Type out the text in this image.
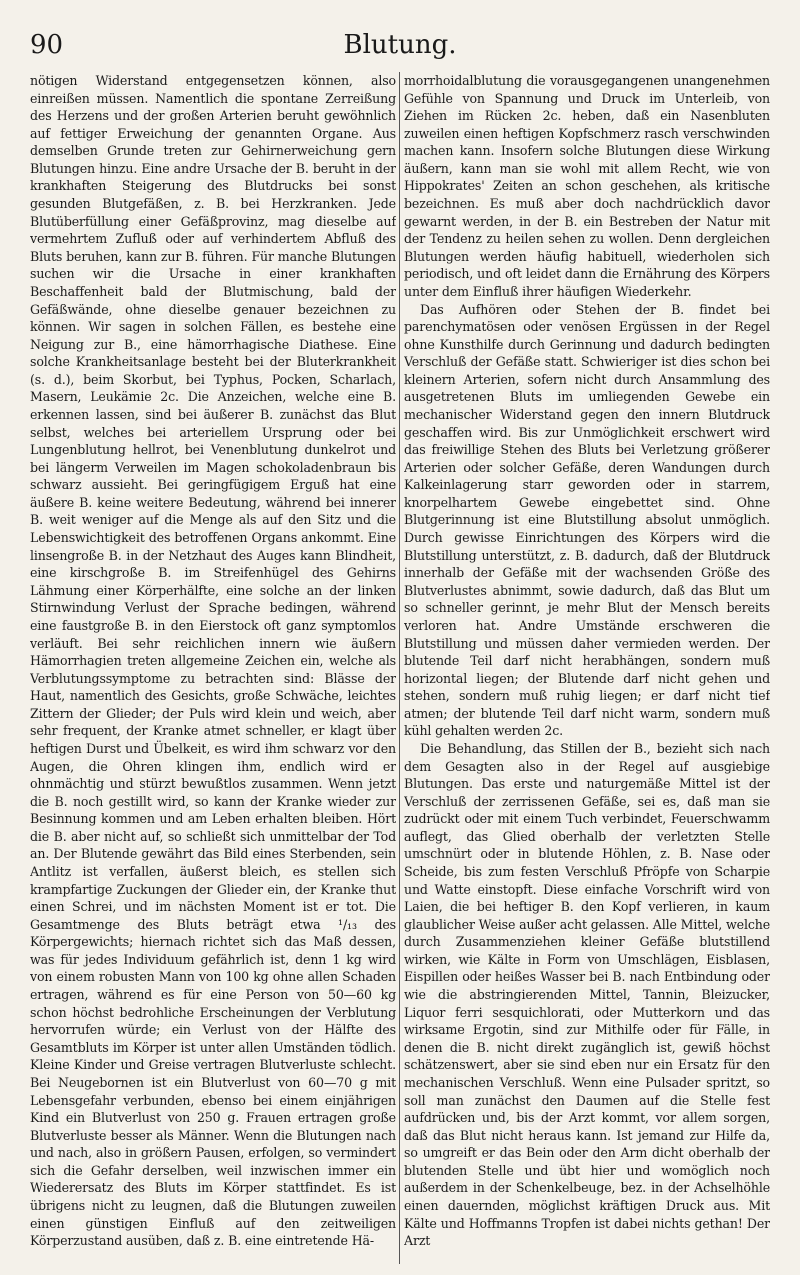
90	Blutung.

nötigen Widerstand entgegensetzen können, also einreißen müssen. Namentlich die spontane Zerreißung des Herzens und der großen Arterien beruht gewöhnlich auf fettiger Erweichung der genannten Organe. Aus demselben Grunde treten zur Gehirnerweichung gern Blutungen hinzu. Eine andre Ursache der B. beruht in der krankhaften Steigerung des Blutdrucks bei sonst gesunden Blutgefäßen, z. B. bei Herzkranken. Jede Blutüberfüllung einer Gefäßprovinz, mag dieselbe auf vermehrtem Zufluß oder auf verhindertem Abfluß des Bluts beruhen, kann zur B. führen. Für manche Blutungen suchen wir die Ursache in einer krankhaften Beschaffenheit bald der Blutmischung, bald der Gefäßwände, ohne dieselbe genauer bezeichnen zu können. Wir sagen in solchen Fällen, es bestehe eine Neigung zur B., eine hämorrhagische Diathese. Eine solche Krankheitsanlage besteht bei der Bluterkrankheit (s. d.), beim Skorbut, bei Typhus, Pocken, Scharlach, Masern, Leukämie 2c. Die Anzeichen, welche eine B. erkennen lassen, sind bei äußerer B. zunächst das Blut selbst, welches bei arteriellem Ursprung oder bei Lungenblutung hellrot, bei Venenblutung dunkelrot und bei längerm Verweilen im Magen schokoladenbraun bis schwarz aussieht. Bei geringfügigem Erguß hat eine äußere B. keine weitere Bedeutung, während bei innerer B. weit weniger auf die Menge als auf den Sitz und die Lebenswichtigkeit des betroffenen Organs ankommt. Eine linsengroße B. in der Netzhaut des Auges kann Blindheit, eine kirschgroße B. im Streifenhügel des Gehirns Lähmung einer Körperhälfte, eine solche an der linken Stirnwindung Verlust der Sprache bedingen, während eine faustgroße B. in den Eierstock oft ganz symptomlos verläuft. Bei sehr reichlichen innern wie äußern Hämorrhagien treten allgemeine Zeichen ein, welche als Verblutungssymptome zu betrachten sind: Blässe der Haut, namentlich des Gesichts, große Schwäche, leichtes Zittern der Glieder; der Puls wird klein und weich, aber sehr frequent, der Kranke atmet schneller, er klagt über heftigen Durst und Übelkeit, es wird ihm schwarz vor den Augen, die Ohren klingen ihm, endlich wird er ohnmächtig und stürzt bewußtlos zusammen. Wenn jetzt die B. noch gestillt wird, so kann der Kranke wieder zur Besinnung kommen und am Leben erhalten bleiben. Hört die B. aber nicht auf, so schließt sich unmittelbar der Tod an. Der Blutende gewährt das Bild eines Sterbenden, sein Antlitz ist verfallen, äußerst bleich, es stellen sich krampfartige Zuckungen der Glieder ein, der Kranke thut einen Schrei, und im nächsten Moment ist er tot. Die Gesamtmenge des Bluts beträgt etwa ¹/₁₃ des Körpergewichts; hiernach richtet sich das Maß dessen, was für jedes Individuum gefährlich ist, denn 1 kg wird von einem robusten Mann von 100 kg ohne allen Schaden ertragen, während es für eine Person von 50—60 kg schon höchst bedrohliche Erscheinungen der Verblutung hervorrufen würde; ein Verlust von der Hälfte des Gesamtbluts im Körper ist unter allen Umständen tödlich. Kleine Kinder und Greise vertragen Blutverluste schlecht. Bei Neugebornen ist ein Blutverlust von 60—70 g mit Lebensgefahr verbunden, ebenso bei einem einjährigen Kind ein Blutverlust von 250 g. Frauen ertragen große Blutverluste besser als Männer. Wenn die Blutungen nach und nach, also in größern Pausen, erfolgen, so vermindert sich die Gefahr derselben, weil inzwischen immer ein Wiederersatz des Bluts im Körper stattfindet. Es ist übrigens nicht zu leugnen, daß die Blutungen zuweilen einen günstigen Einfluß auf den zeitweiligen Körperzustand ausüben, daß z. B. eine eintretende Hä-

morrhoidalblutung die vorausgegangenen unangenehmen Gefühle von Spannung und Druck im Unterleib, von Ziehen im Rücken 2c. heben, daß ein Nasenbluten zuweilen einen heftigen Kopfschmerz rasch verschwinden machen kann. Insofern solche Blutungen diese Wirkung äußern, kann man sie wohl mit allem Recht, wie von Hippokrates' Zeiten an schon geschehen, als kritische bezeichnen. Es muß aber doch nachdrücklich davor gewarnt werden, in der B. ein Bestreben der Natur mit der Tendenz zu heilen sehen zu wollen. Denn dergleichen Blutungen werden häufig habituell, wiederholen sich periodisch, und oft leidet dann die Ernährung des Körpers unter dem Einfluß ihrer häufigen Wiederkehr.

Das Aufhören oder Stehen der B. findet bei parenchymatösen oder venösen Ergüssen in der Regel ohne Kunsthilfe durch Gerinnung und dadurch bedingten Verschluß der Gefäße statt. Schwieriger ist dies schon bei kleinern Arterien, sofern nicht durch Ansammlung des ausgetretenen Bluts im umliegenden Gewebe ein mechanischer Widerstand gegen den innern Blutdruck geschaffen wird. Bis zur Unmöglichkeit erschwert wird das freiwillige Stehen des Bluts bei Verletzung größerer Arterien oder solcher Gefäße, deren Wandungen durch Kalkeinlagerung starr geworden oder in starrem, knorpelhartem Gewebe eingebettet sind. Ohne Blutgerinnung ist eine Blutstillung absolut unmöglich. Durch gewisse Einrichtungen des Körpers wird die Blutstillung unterstützt, z. B. dadurch, daß der Blutdruck innerhalb der Gefäße mit der wachsenden Größe des Blutverlustes abnimmt, sowie dadurch, daß das Blut um so schneller gerinnt, je mehr Blut der Mensch bereits verloren hat. Andre Umstände erschweren die Blutstillung und müssen daher vermieden werden. Der blutende Teil darf nicht herabhängen, sondern muß horizontal liegen; der Blutende darf nicht gehen und stehen, sondern muß ruhig liegen; er darf nicht tief atmen; der blutende Teil darf nicht warm, sondern muß kühl gehalten werden 2c.

Die Behandlung, das Stillen der B., bezieht sich nach dem Gesagten also in der Regel auf ausgiebige Blutungen. Das erste und naturgemäße Mittel ist der Verschluß der zerrissenen Gefäße, sei es, daß man sie zudrückt oder mit einem Tuch verbindet, Feuerschwamm auflegt, das Glied oberhalb der verletzten Stelle umschnürt oder in blutende Höhlen, z. B. Nase oder Scheide, bis zum festen Verschluß Pfröpfe von Scharpie und Watte einstopft. Diese einfache Vorschrift wird von Laien, die bei heftiger B. den Kopf verlieren, in kaum glaublicher Weise außer acht gelassen. Alle Mittel, welche durch Zusammenziehen kleiner Gefäße blutstillend wirken, wie Kälte in Form von Umschlägen, Eisblasen, Eispillen oder heißes Wasser bei B. nach Entbindung oder wie die abstringierenden Mittel, Tannin, Bleizucker, Liquor ferri sesquichlorati, oder Mutterkorn und das wirksame Ergotin, sind zur Mithilfe oder für Fälle, in denen die B. nicht direkt zugänglich ist, gewiß höchst schätzenswert, aber sie sind eben nur ein Ersatz für den mechanischen Verschluß. Wenn eine Pulsader spritzt, so soll man zunächst den Daumen auf die Stelle fest aufdrücken und, bis der Arzt kommt, vor allem sorgen, daß das Blut nicht heraus kann. Ist jemand zur Hilfe da, so umgreift er das Bein oder den Arm dicht oberhalb der blutenden Stelle und übt hier und womöglich noch außerdem in der Schenkelbeuge, bez. in der Achselhöhle einen dauernden, möglichst kräftigen Druck aus. Mit Kälte und Hoffmanns Tropfen ist dabei nichts gethan! Der Arzt
